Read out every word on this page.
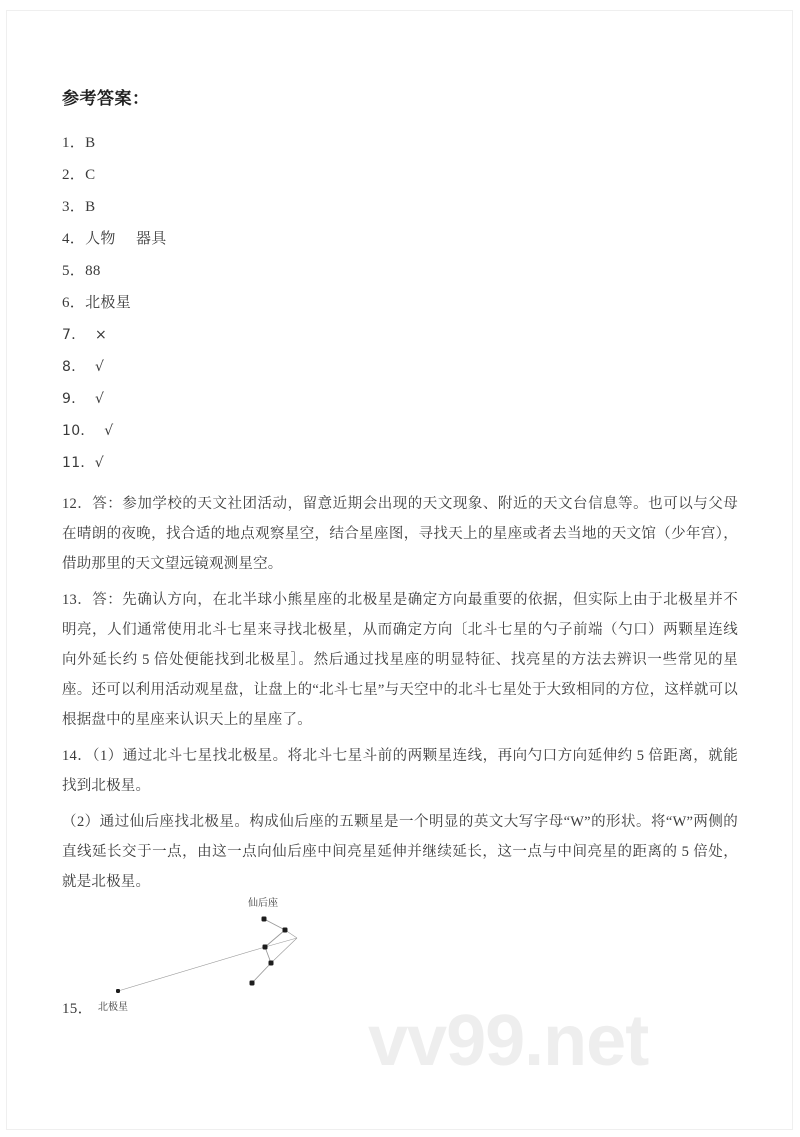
vv99.net
参考答案：
1．B
2．C
3．B
4．人物     器具
5．88
6．北极星
7．  ×
8．  √
9．  √
10．  √
11．√

12．答：参加学校的天文社团活动，留意近期会出现的天文现象、附近的天文台信息等。也可以与父母在晴朗的夜晚，找合适的地点观察星空，结合星座图，寻找天上的星座或者去当地的天文馆（少年宫），借助那里的天文望远镜观测星空。

13．答：先确认方向，在北半球小熊星座的北极星是确定方向最重要的依据，但实际上由于北极星并不明亮，人们通常使用北斗七星来寻找北极星，从而确定方向〔北斗七星的勺子前端（勺口）两颗星连线向外延长约 5 倍处便能找到北极星］。然后通过找星座的明显特征、找亮星的方法去辨识一些常见的星座。还可以利用活动观星盘，让盘上的“北斗七星”与天空中的北斗七星处于大致相同的方位，这样就可以根据盘中的星座来认识天上的星座了。

14．（1）通过北斗七星找北极星。将北斗七星斗前的两颗星连线，再向勺口方向延伸约 5 倍距离，就能找到北极星。

（2）通过仙后座找北极星。构成仙后座的五颗星是一个明显的英文大写字母“W”的形状。将“W”两侧的直线延长交于一点，由这一点向仙后座中间亮星延伸并继续延长，这一点与中间亮星的距离的 5 倍处，就是北极星。

仙后座
北极星
15．
